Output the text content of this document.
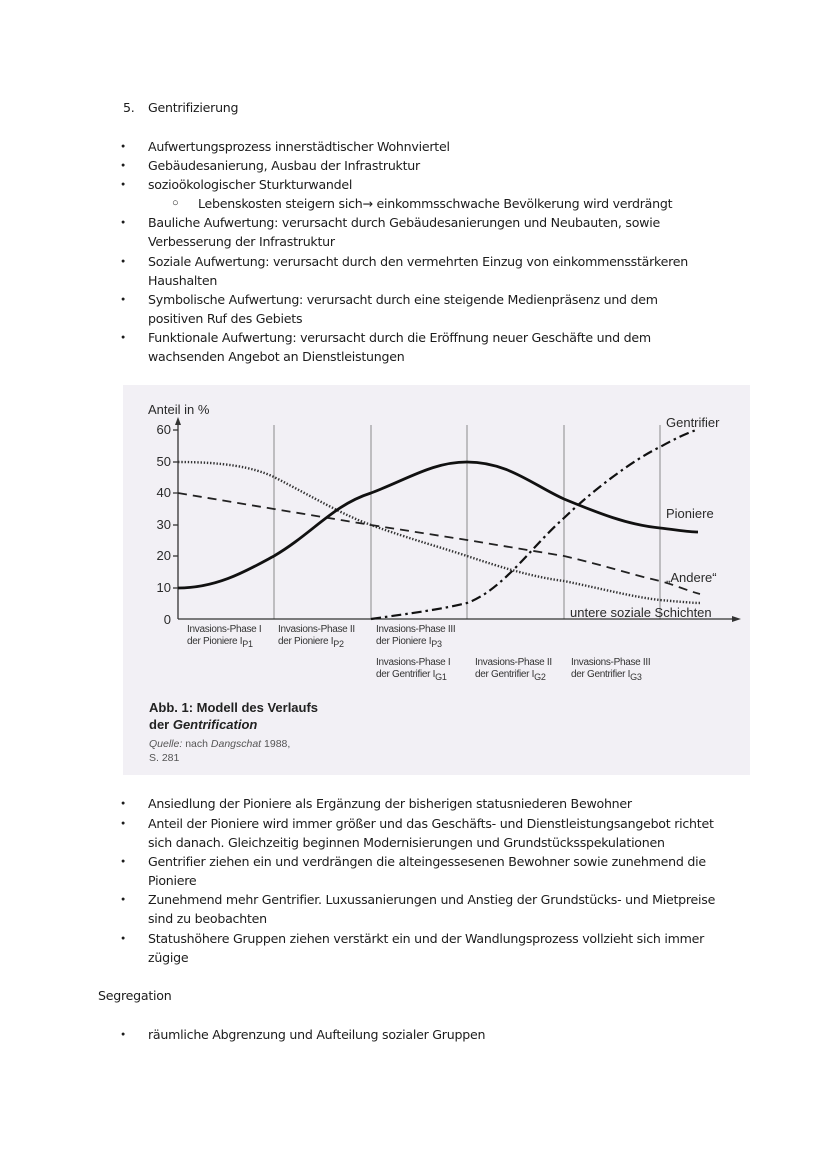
5. Gentrifizierung
●
Aufwertungsprozess innerstädtischer Wohnviertel
●
Gebäudesanierung, Ausbau der Infrastruktur
●
sozioökologischer Sturkturwandel
○ Lebenskosten steigern sich→ einkommsschwache Bevölkerung wird verdrängt
●
Bauliche Aufwertung: verursacht durch Gebäudesanierungen und Neubauten, sowie
Verbesserung der Infrastruktur
●
Soziale Aufwertung: verursacht durch den vermehrten Einzug von einkommensstärkeren
Haushalten
●
Symbolische Aufwertung: verursacht durch eine steigende Medienpräsenz und dem
positiven Ruf des Gebiets
●
Funktionale Aufwertung: verursacht durch die Eröffnung neuer Geschäfte und dem
wachsenden Angebot an Dienstleistungen
60
50
40
30
20
10
0
Anteil in %
Gentrifier
Pioniere
„Andere“
untere soziale Schichten
Invasions-Phase I
der Pioniere $I_{P1}$
Invasions-Phase II
der Pioniere $I_{P2}$
Invasions-Phase III
der Pioniere $I_{P3}$
Invasions-Phase I
der Gentrifier $I_{G1}$
Invasions-Phase II
der Gentrifier $I_{G2}$
Invasions-Phase III
der Gentrifier $I_{G3}$
Abb. 1: Modell des Verlaufs
der Gentrification
Quelle: nach Dangschat 1988,
S. 281
●
Ansiedlung der Pioniere als Ergänzung der bisherigen statusniederen Bewohner
●
Anteil der Pioniere wird immer größer und das Geschäfts- und Dienstleistungsangebot richtet
sich danach. Gleichzeitig beginnen Modernisierungen und Grundstücksspekulationen
●
Gentrifier ziehen ein und verdrängen die alteingessesenen Bewohner sowie zunehmend die
Pioniere
●
Zunehmend mehr Gentrifier. Luxussanierungen und Anstieg der Grundstücks- und Mietpreise
sind zu beobachten
●
Statushöhere Gruppen ziehen verstärkt ein und der Wandlungsprozess vollzieht sich immer
zügige
Segregation
●
räumliche Abgrenzung und Aufteilung sozialer Gruppen
